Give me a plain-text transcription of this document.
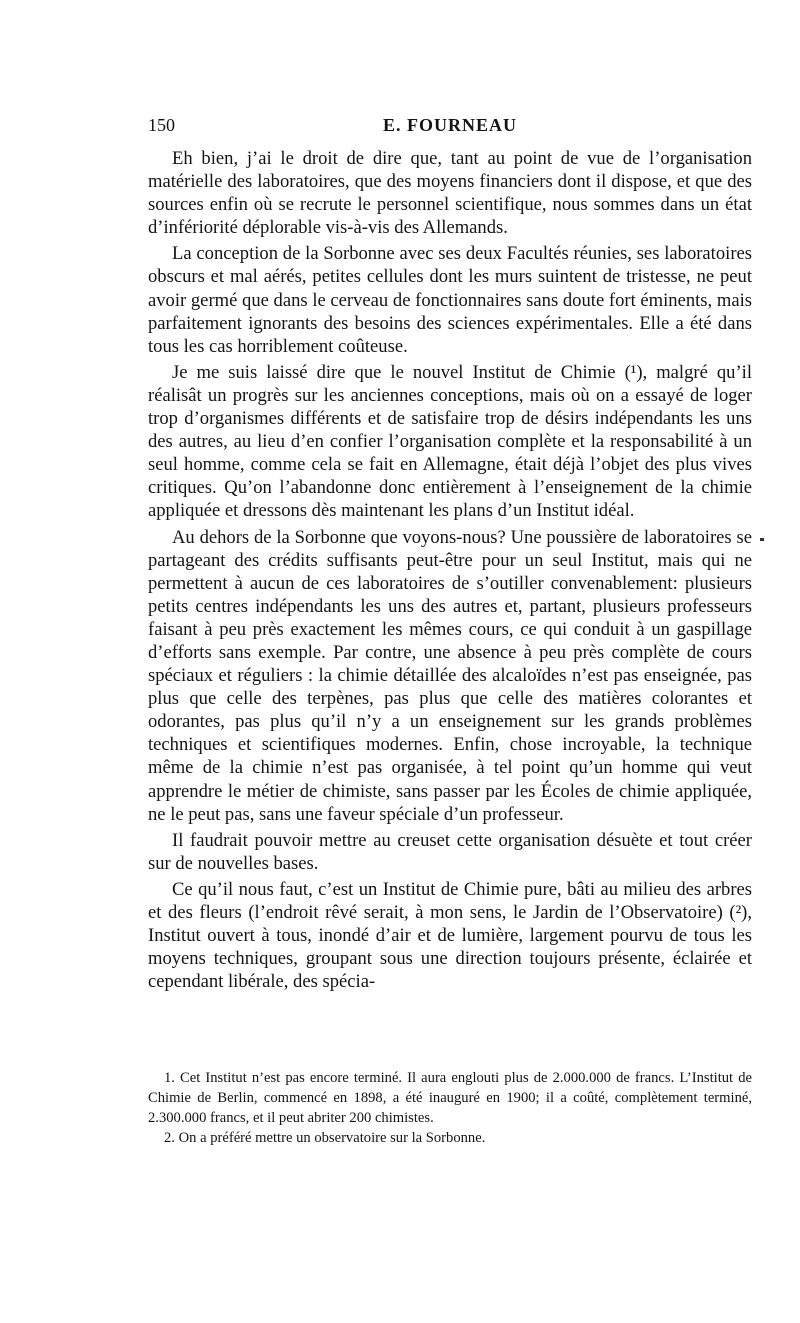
150	E. FOURNEAU

Eh bien, j’ai le droit de dire que, tant au point de vue de l’organisation matérielle des laboratoires, que des moyens financiers dont il dispose, et que des sources enfin où se recrute le personnel scientifique, nous sommes dans un état d’infériorité déplorable vis-à-vis des Allemands.

La conception de la Sorbonne avec ses deux Facultés réunies, ses laboratoires obscurs et mal aérés, petites cellules dont les murs suintent de tristesse, ne peut avoir germé que dans le cerveau de fonctionnaires sans doute fort éminents, mais parfaitement ignorants des besoins des sciences expérimentales. Elle a été dans tous les cas horriblement coûteuse.

Je me suis laissé dire que le nouvel Institut de Chimie (¹), malgré qu’il réalisât un progrès sur les anciennes conceptions, mais où on a essayé de loger trop d’organismes différents et de satisfaire trop de désirs indépendants les uns des autres, au lieu d’en confier l’organisation complète et la responsabilité à un seul homme, comme cela se fait en Allemagne, était déjà l’objet des plus vives critiques. Qu’on l’abandonne donc entièrement à l’enseignement de la chimie appliquée et dressons dès maintenant les plans d’un Institut idéal.

Au dehors de la Sorbonne que voyons-nous? Une poussière de laboratoires se partageant des crédits suffisants peut-être pour un seul Institut, mais qui ne permettent à aucun de ces laboratoires de s’outiller convenablement: plusieurs petits centres indépendants les uns des autres et, partant, plusieurs professeurs faisant à peu près exactement les mêmes cours, ce qui conduit à un gaspillage d’efforts sans exemple. Par contre, une absence à peu près complète de cours spéciaux et réguliers : la chimie détaillée des alcaloïdes n’est pas enseignée, pas plus que celle des terpènes, pas plus que celle des matières colorantes et odorantes, pas plus qu’il n’y a un enseignement sur les grands problèmes techniques et scientifiques modernes. Enfin, chose incroyable, la technique même de la chimie n’est pas organisée, à tel point qu’un homme qui veut apprendre le métier de chimiste, sans passer par les Écoles de chimie appliquée, ne le peut pas, sans une faveur spéciale d’un professeur.

Il faudrait pouvoir mettre au creuset cette organisation désuète et tout créer sur de nouvelles bases.

Ce qu’il nous faut, c’est un Institut de Chimie pure, bâti au milieu des arbres et des fleurs (l’endroit rêvé serait, à mon sens, le Jardin de l’Observatoire) (²), Institut ouvert à tous, inondé d’air et de lumière, largement pourvu de tous les moyens techniques, groupant sous une direction toujours présente, éclairée et cependant libérale, des spécia-

1. Cet Institut n’est pas encore terminé. Il aura englouti plus de 2.000.000 de francs. L’Institut de Chimie de Berlin, commencé en 1898, a été inauguré en 1900; il a coûté, complètement terminé, 2.300.000 francs, et il peut abriter 200 chimistes.

2. On a préféré mettre un observatoire sur la Sorbonne.
